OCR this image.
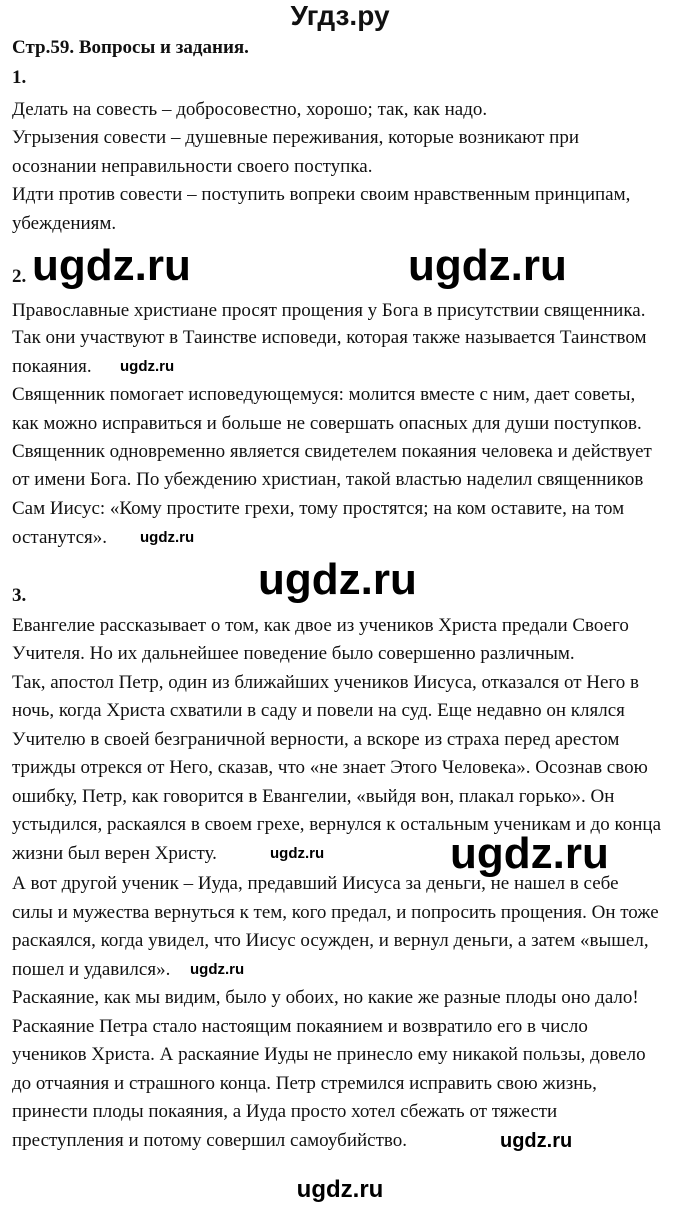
Угдз.ру
Стр.59. Вопросы и задания.
1.
Делать на совесть – добросовестно, хорошо; так, как надо.
Угрызения совести – душевные переживания, которые возникают при
осознании неправильности своего поступка.
Идти против совести – поступить вопреки своим нравственным принципам,
убеждениям.
2.
Православные христиане просят прощения у Бога в присутствии священника.
Так они участвуют в Таинстве исповеди, которая также называется Таинством
покаяния.
Священник помогает исповедующемуся: молится вместе с ним, дает советы,
как можно исправиться и больше не совершать опасных для души поступков.
Священник одновременно является свидетелем покаяния человека и действует
от имени Бога. По убеждению христиан, такой властью наделил священников
Сам Иисус: «Кому простите грехи, тому простятся; на ком оставите, на том
останутся».
3.
Евангелие рассказывает о том, как двое из учеников Христа предали Своего
Учителя. Но их дальнейшее поведение было совершенно различным.
Так, апостол Петр, один из ближайших учеников Иисуса, отказался от Него в
ночь, когда Христа схватили в саду и повели на суд. Еще недавно он клялся
Учителю в своей безграничной верности, а вскоре из страха перед арестом
трижды отрекся от Него, сказав, что «не знает Этого Человека». Осознав свою
ошибку, Петр, как говорится в Евангелии, «выйдя вон, плакал горько». Он
устыдился, раскаялся в своем грехе, вернулся к остальным ученикам и до конца
жизни был верен Христу.
А вот другой ученик – Иуда, предавший Иисуса за деньги, не нашел в себе
силы и мужества вернуться к тем, кого предал, и попросить прощения. Он тоже
раскаялся, когда увидел, что Иисус осужден, и вернул деньги, а затем «вышел,
пошел и удавился».
Раскаяние, как мы видим, было у обоих, но какие же разные плоды оно дало!
Раскаяние Петра стало настоящим покаянием и возвратило его в число
учеников Христа. А раскаяние Иуды не принесло ему никакой пользы, довело
до отчаяния и страшного конца. Петр стремился исправить свою жизнь,
принести плоды покаяния, а Иуда просто хотел сбежать от тяжести
преступления и потому совершил самоубийство.
ugdz.ru	ugdz.ru
ugdz.ru
ugdz.ru
ugdz.ru
ugdz.ru
ugdz.ru
ugdz.ru
ugdz.ru
ugdz.ru
